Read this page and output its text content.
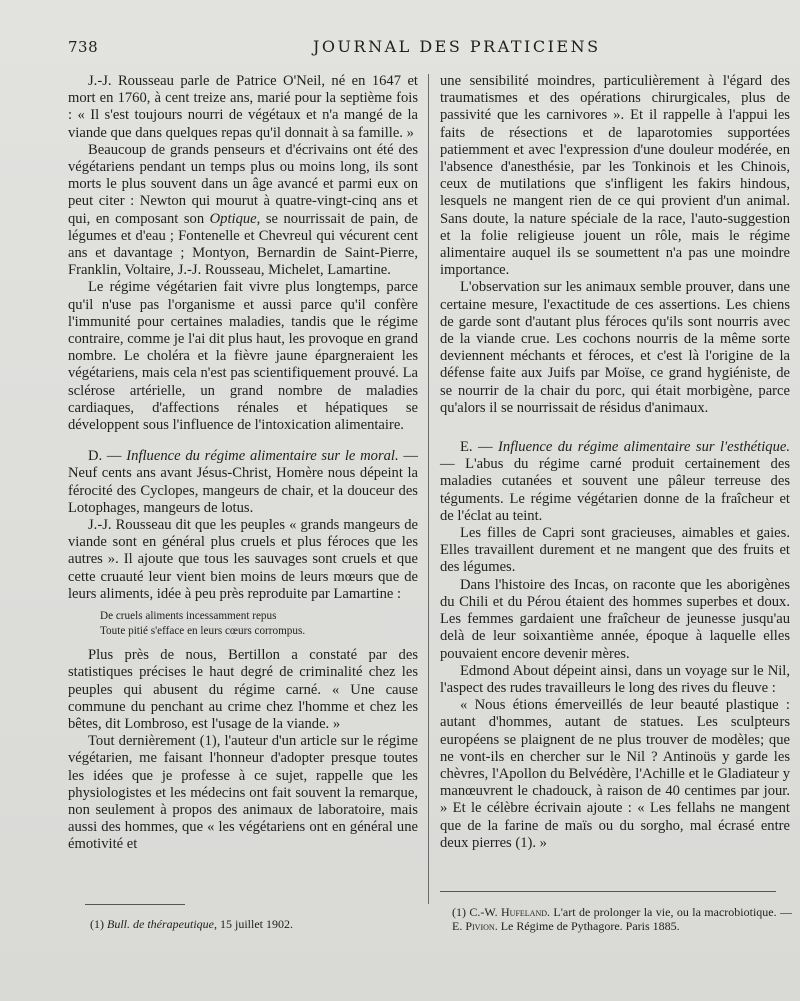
738	JOURNAL DES PRATICIENS

J.-J. Rousseau parle de Patrice O'Neil, né en 1647 et mort en 1760, à cent treize ans, marié pour la septième fois : « Il s'est toujours nourri de végétaux et n'a mangé de la viande que dans quelques repas qu'il donnait à sa famille. »

Beaucoup de grands penseurs et d'écrivains ont été des végétariens pendant un temps plus ou moins long, ils sont morts le plus souvent dans un âge avancé et parmi eux on peut citer : Newton qui mourut à quatre-vingt-cinq ans et qui, en composant son Optique, se nourrissait de pain, de légumes et d'eau ; Fontenelle et Chevreul qui vécurent cent ans et davantage ; Montyon, Bernardin de Saint-Pierre, Franklin, Voltaire, J.-J. Rousseau, Michelet, Lamartine.

Le régime végétarien fait vivre plus longtemps, parce qu'il n'use pas l'organisme et aussi parce qu'il confère l'immunité pour certaines maladies, tandis que le régime contraire, comme je l'ai dit plus haut, les provoque en grand nombre. Le choléra et la fièvre jaune épargneraient les végétariens, mais cela n'est pas scientifiquement prouvé. La sclérose artérielle, un grand nombre de maladies cardiaques, d'affections rénales et hépatiques se développent sous l'influence de l'intoxication alimentaire.

D. — Influence du régime alimentaire sur le moral. — Neuf cents ans avant Jésus-Christ, Homère nous dépeint la férocité des Cyclopes, mangeurs de chair, et la douceur des Lotophages, mangeurs de lotus.

J.-J. Rousseau dit que les peuples « grands mangeurs de viande sont en général plus cruels et plus féroces que les autres ». Il ajoute que tous les sauvages sont cruels et que cette cruauté leur vient bien moins de leurs mœurs que de leurs aliments, idée à peu près reproduite par Lamartine :

De cruels aliments incessamment repus
Toute pitié s'efface en leurs cœurs corrompus.

Plus près de nous, Bertillon a constaté par des statistiques précises le haut degré de criminalité chez les peuples qui abusent du régime carné. « Une cause commune du penchant au crime chez l'homme et chez les bêtes, dit Lombroso, est l'usage de la viande. »

Tout dernièrement (1), l'auteur d'un article sur le régime végétarien, me faisant l'honneur d'adopter presque toutes les idées que je professe à ce sujet, rappelle que les physiologistes et les médecins ont fait souvent la remarque, non seulement à propos des animaux de laboratoire, mais aussi des hommes, que « les végétariens ont en général une émotivité et

une sensibilité moindres, particulièrement à l'égard des traumatismes et des opérations chirurgicales, plus de passivité que les carnivores ». Et il rappelle à l'appui les faits de résections et de laparotomies supportées patiemment et avec l'expression d'une douleur modérée, en l'absence d'anesthésie, par les Tonkinois et les Chinois, ceux de mutilations que s'infligent les fakirs hindous, lesquels ne mangent rien de ce qui provient d'un animal. Sans doute, la nature spéciale de la race, l'auto-suggestion et la folie religieuse jouent un rôle, mais le régime alimentaire auquel ils se soumettent n'a pas une moindre importance.

L'observation sur les animaux semble prouver, dans une certaine mesure, l'exactitude de ces assertions. Les chiens de garde sont d'autant plus féroces qu'ils sont nourris avec de la viande crue. Les cochons nourris de la même sorte deviennent méchants et féroces, et c'est là l'origine de la défense faite aux Juifs par Moïse, ce grand hygiéniste, de se nourrir de la chair du porc, qui était morbigène, parce qu'alors il se nourrissait de résidus d'animaux.

E. — Influence du régime alimentaire sur l'esthétique. — L'abus du régime carné produit certainement des maladies cutanées et souvent une pâleur terreuse des téguments. Le régime végétarien donne de la fraîcheur et de l'éclat au teint.

Les filles de Capri sont gracieuses, aimables et gaies. Elles travaillent durement et ne mangent que des fruits et des légumes.

Dans l'histoire des Incas, on raconte que les aborigènes du Chili et du Pérou étaient des hommes superbes et doux. Les femmes gardaient une fraîcheur de jeunesse jusqu'au delà de leur soixantième année, époque à laquelle elles pouvaient encore devenir mères.

Edmond About dépeint ainsi, dans un voyage sur le Nil, l'aspect des rudes travailleurs le long des rives du fleuve :

« Nous étions émerveillés de leur beauté plastique : autant d'hommes, autant de statues. Les sculpteurs européens se plaignent de ne plus trouver de modèles; que ne vont-ils en chercher sur le Nil ? Antinoüs y garde les chèvres, l'Apollon du Belvédère, l'Achille et le Gladiateur y manœuvrent le chadouck, à raison de 40 centimes par jour. » Et le célèbre écrivain ajoute : « Les fellahs ne mangent que de la farine de maïs ou du sorgho, mal écrasé entre deux pierres (1). »

(1) Bull. de thérapeutique, 15 juillet 1902.
(1) C.-W. Hufeland. L'art de prolonger la vie, ou la macrobiotique. — E. Pivion. Le Régime de Pythagore. Paris 1885.
